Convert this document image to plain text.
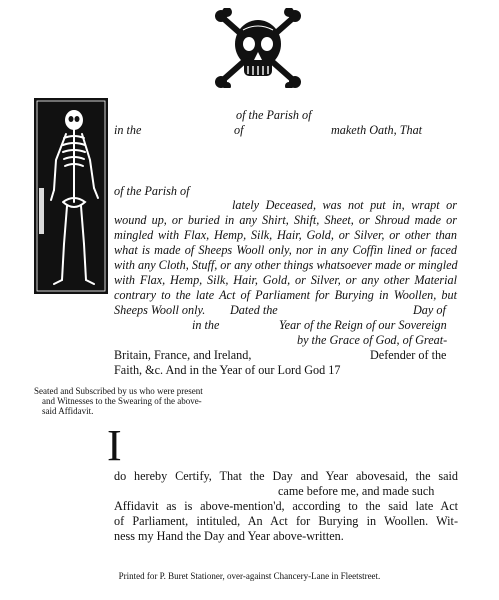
of the Parish of
in the	of	maketh Oath, That
of the Parish of
lately Deceased, was not put in, wrapt or
wound up, or buried in any Shirt, Shift, Sheet, or Shroud made or
mingled with Flax, Hemp, Silk, Hair, Gold, or Silver, or other than
what is made of Sheeps Wooll only, nor in any Coffin lined or faced
with any Cloth, Stuff, or any other things whatsoever made or mingled
with Flax, Hemp, Silk, Hair, Gold, or Silver, or any other Material
contrary to the late Act of Parliament for Burying in Woollen, but
Sheeps Wooll only. Dated the	Day of
in the	Year of the Reign of our Sovereign
by the Grace of God, of Great-
Britain, France, and Ireland,	Defender of the
Faith, &c. And in the Year of our Lord God 17
Seated and Subscribed by us who were present
and Witnesses to the Swearing of the above-
said Affidavit.
I
do hereby Certify, That the Day and Year abovesaid, the said
came before me, and made such
Affidavit as is above-mention'd, according to the said late Act
of Parliament, intituled, An Act for Burying in Woollen. Wit-
ness my Hand the Day and Year above-written.
Printed for P. Buret Stationer, over-against Chancery-Lane in Fleetstreet.
